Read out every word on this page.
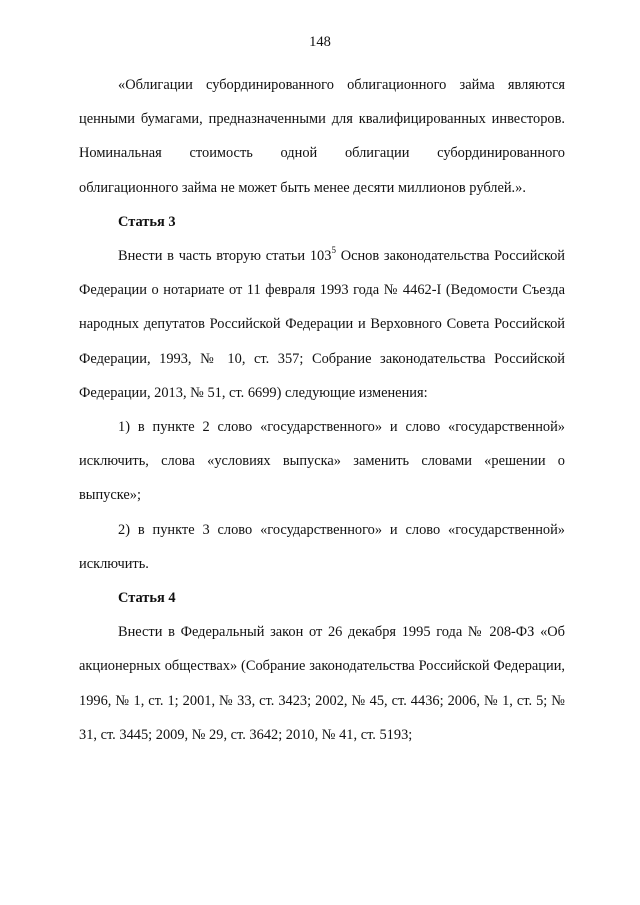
148

«Облигации субординированного облигационного займа являются ценными бумагами, предназначенными для квалифицированных инвесторов. Номинальная стоимость одной облигации субординированного облигационного займа не может быть менее десяти миллионов рублей.».

Статья 3

Внести в часть вторую статьи $103^5$ Основ законодательства Российской Федерации о нотариате от 11 февраля 1993 года № 4462-I (Ведомости Съезда народных депутатов Российской Федерации и Верховного Совета Российской Федерации, 1993, № 10, ст. 357; Собрание законодательства Российской Федерации, 2013, № 51, ст. 6699) следующие изменения:

1) в пункте 2 слово «государственного» и слово «государственной» исключить, слова «условиях выпуска» заменить словами «решении о выпуске»;

2) в пункте 3 слово «государственного» и слово «государственной» исключить.

Статья 4

Внести в Федеральный закон от 26 декабря 1995 года № 208-ФЗ «Об акционерных обществах» (Собрание законодательства Российской Федерации, 1996, № 1, ст. 1; 2001, № 33, ст. 3423; 2002, № 45, ст. 4436; 2006, № 1, ст. 5; № 31, ст. 3445; 2009, № 29, ст. 3642; 2010, № 41, ст. 5193;
